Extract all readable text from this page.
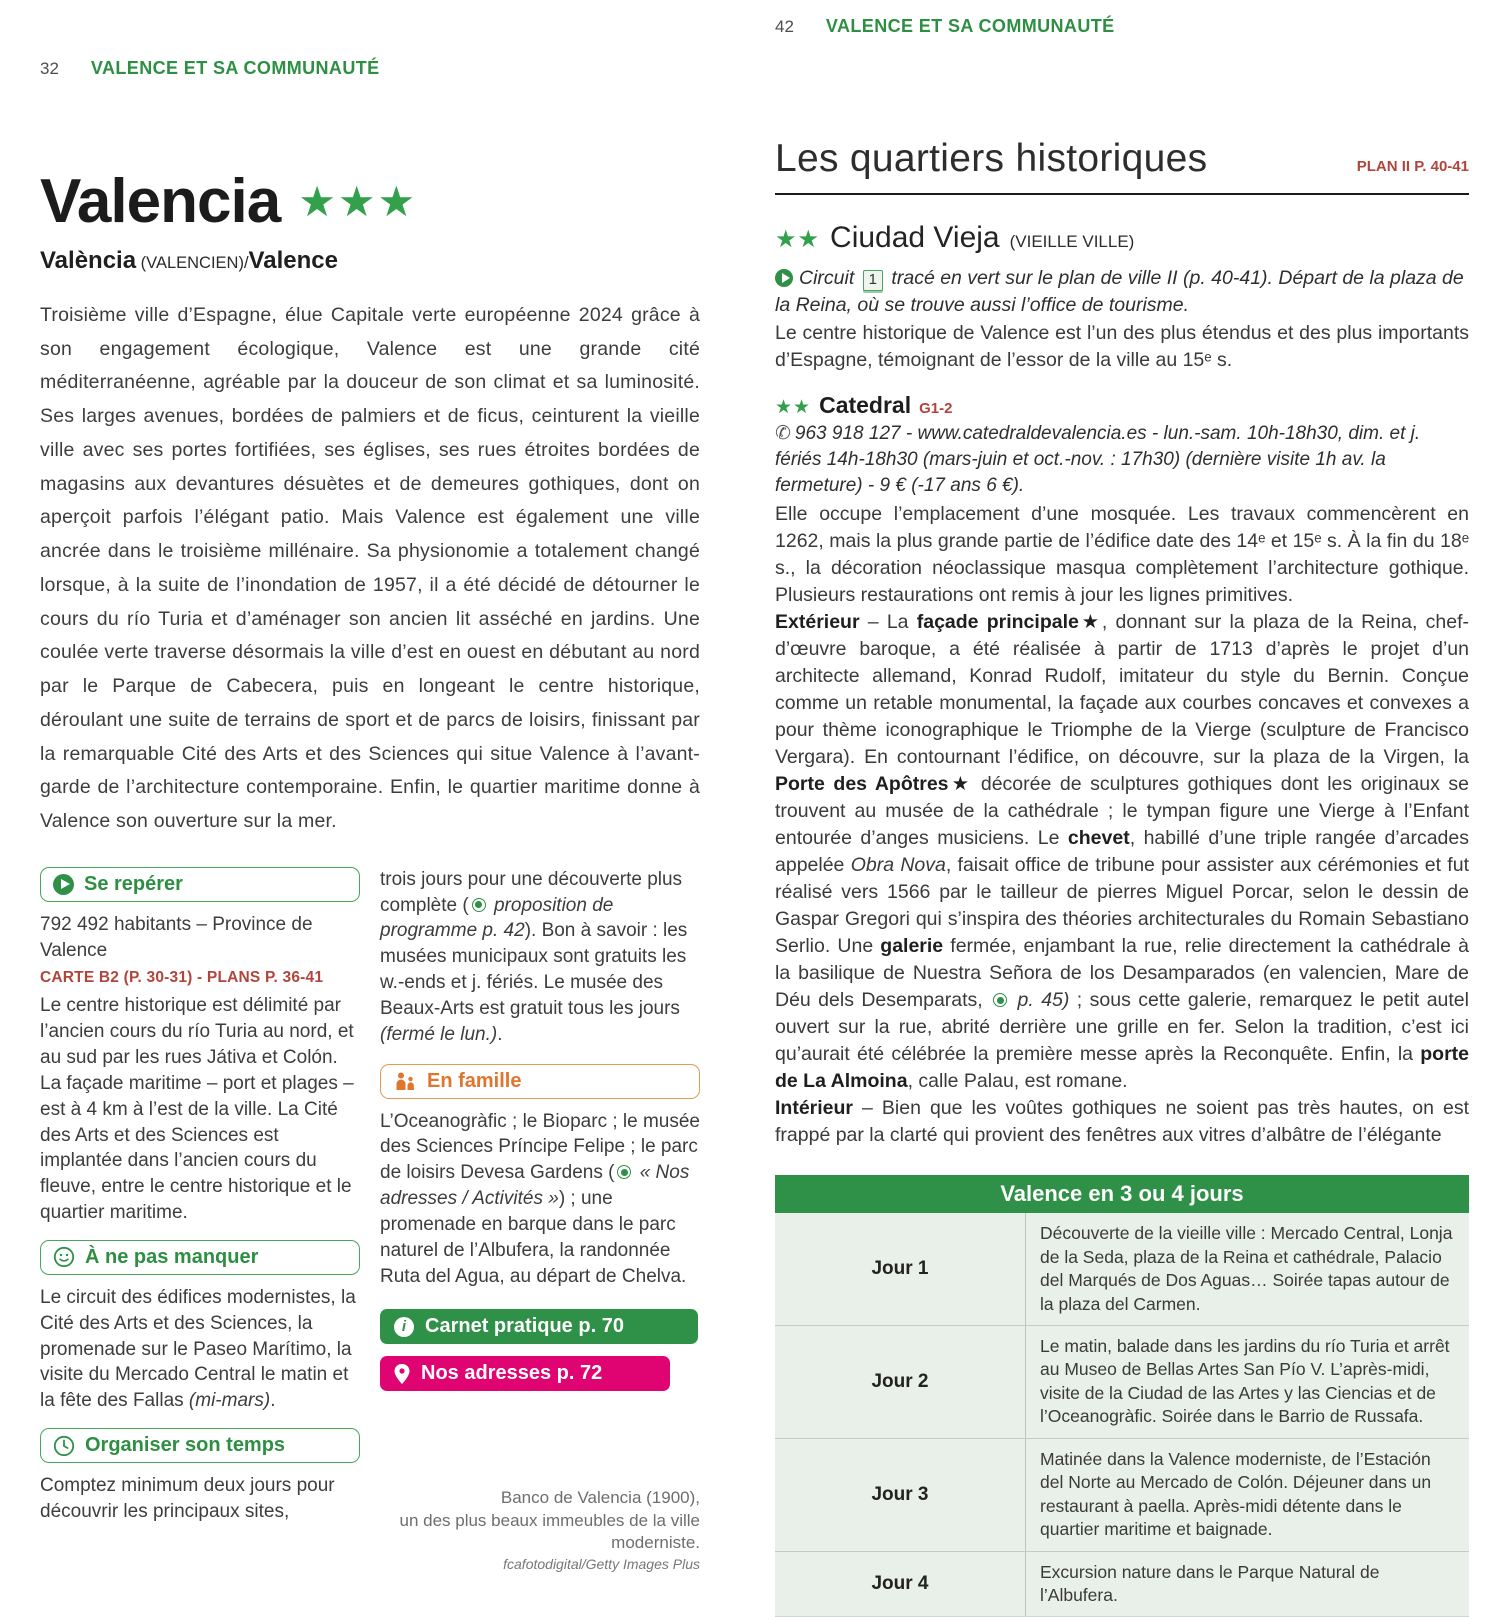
32 VALENCE ET SA COMMUNAUTÉ
Valencia ★★★
València (VALENCIEN)/Valence
Troisième ville d’Espagne, élue Capitale verte européenne 2024 grâce à son engagement écologique, Valence est une grande cité méditerranéenne, agréable par la douceur de son climat et sa luminosité. Ses larges avenues, bordées de palmiers et de ficus, ceinturent la vieille ville avec ses portes fortifiées, ses églises, ses rues étroites bordées de magasins aux devantures désuètes et de demeures gothiques, dont on aperçoit parfois l’élégant patio. Mais Valence est également une ville ancrée dans le troisième millénaire. Sa physionomie a totalement changé lorsque, à la suite de l’inondation de 1957, il a été décidé de détourner le cours du río Turia et d’aménager son ancien lit asséché en jardins. Une coulée verte traverse désormais la ville d’est en ouest en débutant au nord par le Parque de Cabecera, puis en longeant le centre historique, déroulant une suite de terrains de sport et de parcs de loisirs, finissant par la remarquable Cité des Arts et des Sciences qui situe Valence à l’avant-garde de l’architecture contemporaine. Enfin, le quartier maritime donne à Valence son ouverture sur la mer.
Se repérer
792 492 habitants – Province de Valence
CARTE B2 (P. 30-31) - PLANS P. 36-41
Le centre historique est délimité par l’ancien cours du río Turia au nord, et au sud par les rues Játiva et Colón. La façade maritime – port et plages – est à 4 km à l’est de la ville. La Cité des Arts et des Sciences est implantée dans l’ancien cours du fleuve, entre le centre historique et le quartier maritime.
À ne pas manquer
Le circuit des édifices modernistes, la Cité des Arts et des Sciences, la promenade sur le Paseo Marítimo, la visite du Mercado Central le matin et la fête des Fallas (mi-mars).
Organiser son temps
Comptez minimum deux jours pour découvrir les principaux sites,
trois jours pour une découverte plus complète ( proposition de programme p. 42). Bon à savoir : les musées municipaux sont gratuits les w.-ends et j. fériés. Le musée des Beaux-Arts est gratuit tous les jours (fermé le lun.).
En famille
L’Oceanogràfic ; le Bioparc ; le musée des Sciences Príncipe Felipe ; le parc de loisirs Devesa Gardens ( « Nos adresses / Activités ») ; une promenade en barque dans le parc naturel de l’Albufera, la randonnée Ruta del Agua, au départ de Chelva.
i Carnet pratique p. 70
Nos adresses p. 72
Banco de Valencia (1900),
un des plus beaux immeubles de la ville moderniste.
fcafotodigital/Getty Images Plus
42 VALENCE ET SA COMMUNAUTÉ
Les quartiers historiques	PLAN II P. 40-41
★★ Ciudad Vieja (VIEILLE VILLE)
Circuit 1 tracé en vert sur le plan de ville II (p. 40-41). Départ de la plaza de la Reina, où se trouve aussi l’office de tourisme.
Le centre historique de Valence est l’un des plus étendus et des plus importants d’Espagne, témoignant de l’essor de la ville au 15ᵉ s.
★★ Catedral G1-2
✆ 963 918 127 - www.catedraldevalencia.es - lun.-sam. 10h-18h30, dim. et j. fériés 14h-18h30 (mars-juin et oct.-nov. : 17h30) (dernière visite 1h av. la fermeture) - 9 € (-17 ans 6 €).
Elle occupe l’emplacement d’une mosquée. Les travaux commencèrent en 1262, mais la plus grande partie de l’édifice date des 14ᵉ et 15ᵉ s. À la fin du 18ᵉ s., la décoration néoclassique masqua complètement l’architecture gothique. Plusieurs restaurations ont remis à jour les lignes primitives.
Extérieur – La façade principale★, donnant sur la plaza de la Reina, chef-d’œuvre baroque, a été réalisée à partir de 1713 d’après le projet d’un architecte allemand, Konrad Rudolf, imitateur du style du Bernin. Conçue comme un retable monumental, la façade aux courbes concaves et convexes a pour thème iconographique le Triomphe de la Vierge (sculpture de Francisco Vergara). En contournant l’édifice, on découvre, sur la plaza de la Virgen, la Porte des Apôtres★ décorée de sculptures gothiques dont les originaux se trouvent au musée de la cathédrale ; le tympan figure une Vierge à l’Enfant entourée d’anges musiciens. Le chevet, habillé d’une triple rangée d’arcades appelée Obra Nova, faisait office de tribune pour assister aux cérémonies et fut réalisé vers 1566 par le tailleur de pierres Miguel Porcar, selon le dessin de Gaspar Gregori qui s’inspira des théories architecturales du Romain Sebastiano Serlio. Une galerie fermée, enjambant la rue, relie directement la cathédrale à la basilique de Nuestra Señora de los Desamparados (en valencien, Mare de Déu dels Desemparats,  p. 45) ; sous cette galerie, remarquez le petit autel ouvert sur la rue, abrité derrière une grille en fer. Selon la tradition, c’est ici qu’aurait été célébrée la première messe après la Reconquête. Enfin, la porte de La Almoina, calle Palau, est romane.
Intérieur – Bien que les voûtes gothiques ne soient pas très hautes, on est frappé par la clarté qui provient des fenêtres aux vitres d’albâtre de l’élégante
Valence en 3 ou 4 jours
Jour 1
Découverte de la vieille ville : Mercado Central, Lonja de la Seda, plaza de la Reina et cathédrale, Palacio del Marqués de Dos Aguas… Soirée tapas autour de la plaza del Carmen.
Jour 2
Le matin, balade dans les jardins du río Turia et arrêt au Museo de Bellas Artes San Pío V. L’après-midi, visite de la Ciudad de las Artes y las Ciencias et de l’Oceanogràfic. Soirée dans le Barrio de Russafa.
Jour 3
Matinée dans la Valence moderniste, de l’Estación del Norte au Mercado de Colón. Déjeuner dans un restaurant à paella. Après-midi détente dans le quartier maritime et baignade.
Jour 4
Excursion nature dans le Parque Natural de l’Albufera.
